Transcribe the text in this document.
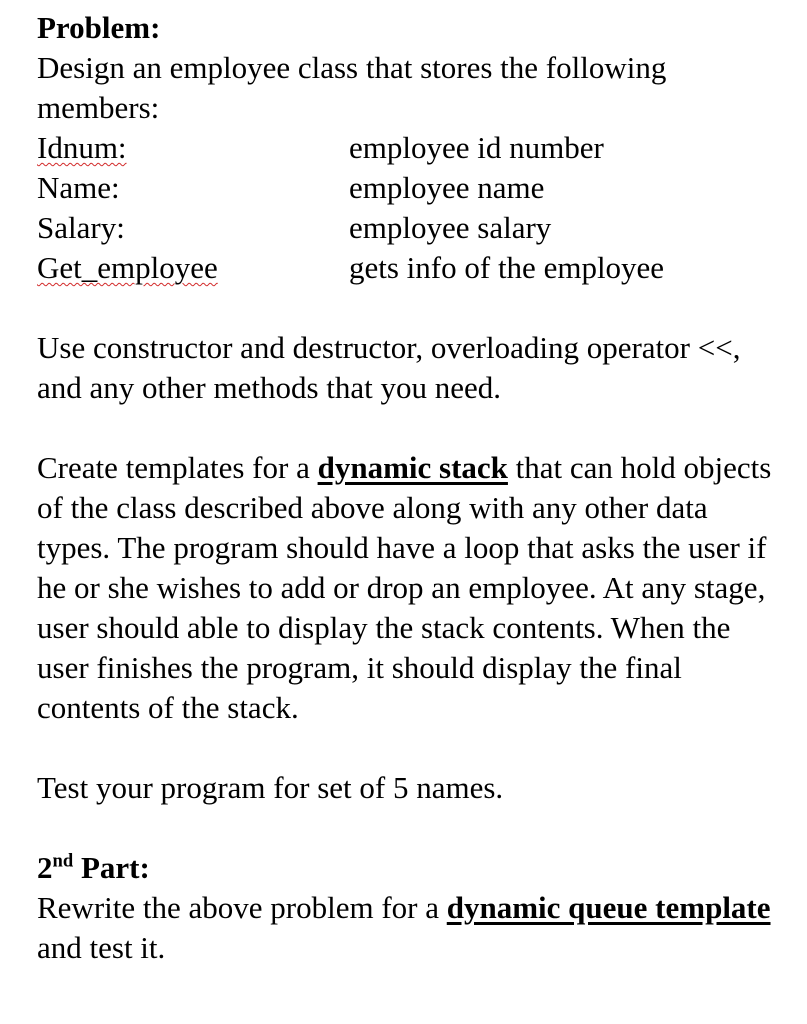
Problem:

Design an employee class that stores the following members:

Idnum:	employee id number
Name:	employee name
Salary:	employee salary
Get_employee	gets info of the employee

Use constructor and destructor, overloading operator <<, and any other methods that you need.

Create templates for a dynamic stack that can hold objects of the class described above along with any other data types. The program should have a loop that asks the user if he or she wishes to add or drop an employee. At any stage, user should able to display the stack contents. When the user finishes the program, it should display the final contents of the stack.

Test your program for set of 5 names.

2nd Part:

Rewrite the above problem for a dynamic queue template and test it.
